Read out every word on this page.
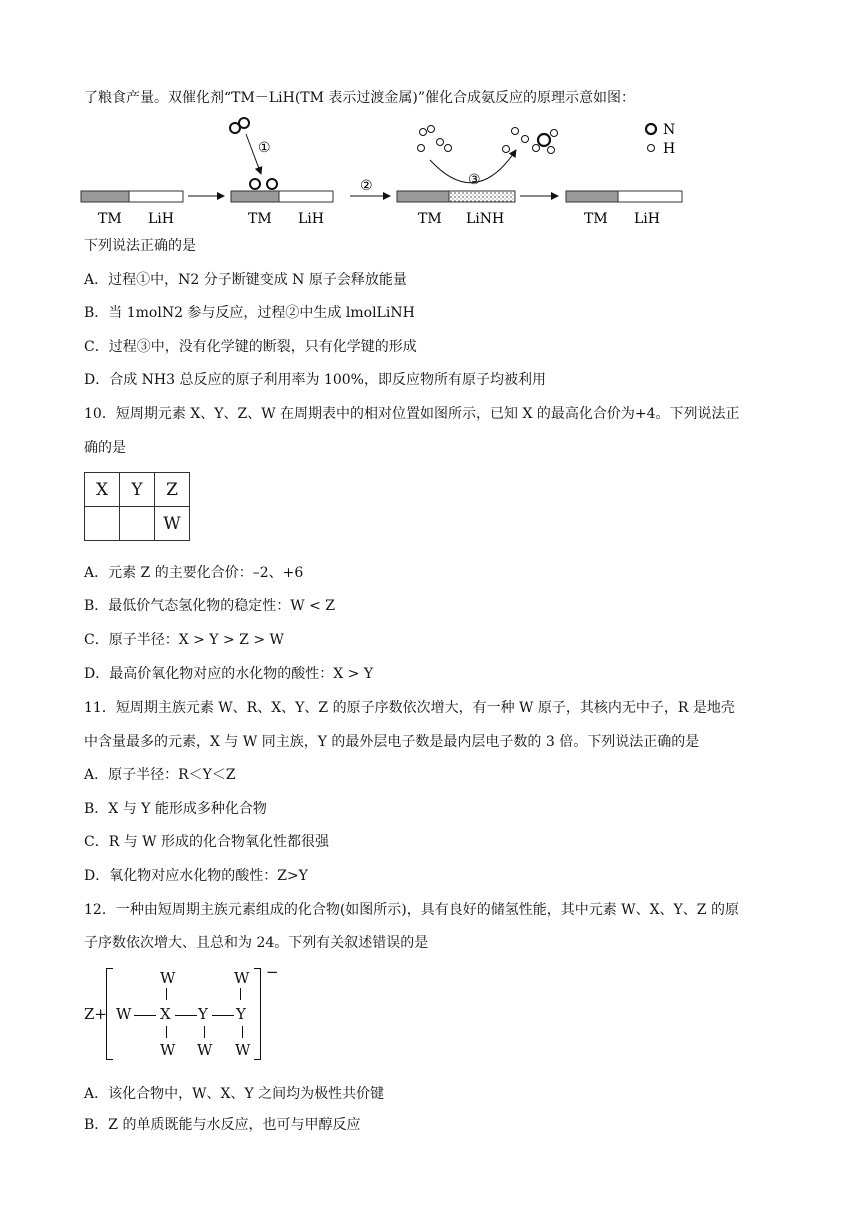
了粮食产量。双催化剂“TM－LiH(TM 表示过渡金属)”催化合成氨反应的原理示意如图：
TM LiH
①
TM LiH
②	③
TM LiNH	TM LiH
N
H
下列说法正确的是
A．过程①中，N2 分子断键变成 N 原子会释放能量
B．当 1molN2 参与反应，过程②中生成 lmolLiNH
C．过程③中，没有化学键的断裂，只有化学键的形成
D．合成 NH3 总反应的原子利用率为 100%，即反应物所有原子均被利用
10．短周期元素 X、Y、Z、W 在周期表中的相对位置如图所示，已知 X 的最高化合价为+4。下列说法正
确的是
X	Y	Z
		W
A．元素 Z 的主要化合价：–2、+6
B．最低价气态氢化物的稳定性：W < Z
C．原子半径：X > Y > Z > W
D．最高价氧化物对应的水化物的酸性：X > Y
11．短周期主族元素 W、R、X、Y、Z 的原子序数依次增大，有一种 W 原子，其核内无中子，R 是地壳
中含量最多的元素，X 与 W 同主族，Y 的最外层电子数是最内层电子数的 3 倍。下列说法正确的是
A．原子半径：R＜Y＜Z
B．X 与 Y 能形成多种化合物
C．R 与 W 形成的化合物氧化性都很强
D．氧化物对应水化物的酸性：Z>Y
12．一种由短周期主族元素组成的化合物(如图所示)，具有良好的储氢性能，其中元素 W、X、Y、Z 的原
子序数依次增大、且总和为 24。下列有关叙述错误的是
Z+
−
W	W
W X Y Y
W W W
A．该化合物中，W、X、Y 之间均为极性共价键
B．Z 的单质既能与水反应，也可与甲醇反应
